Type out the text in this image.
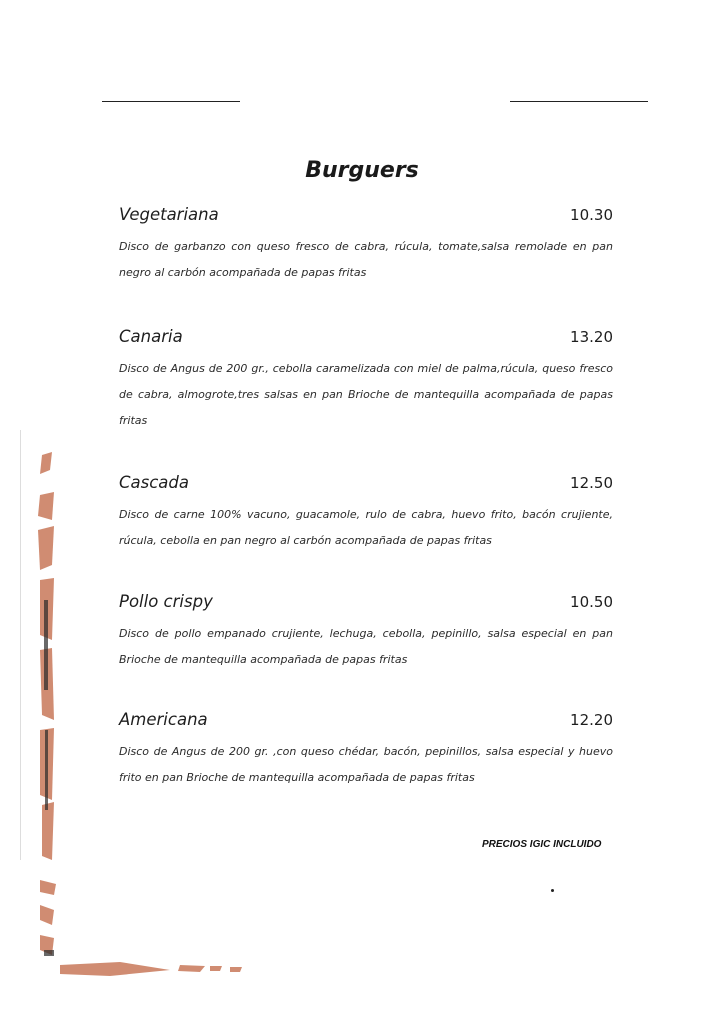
Burguers
Vegetariana	10.30

Disco de garbanzo con queso fresco de cabra, rúcula, tomate,salsa remolade en pan negro al carbón acompañada de papas fritas

Canaria	13.20

Disco de Angus de 200 gr., cebolla caramelizada con miel de palma,rúcula, queso fresco de cabra, almogrote,tres salsas en pan Brioche de mantequilla acompañada de papas fritas

Cascada	12.50

Disco de carne 100% vacuno, guacamole, rulo de cabra, huevo frito, bacón crujiente, rúcula, cebolla en pan negro al carbón acompañada de papas fritas

Pollo crispy	10.50

Disco de pollo empanado crujiente, lechuga, cebolla, pepinillo, salsa especial en pan Brioche de mantequilla acompañada de papas fritas

Americana	12.20

Disco de Angus de 200 gr. ,con queso chédar, bacón, pepinillos, salsa especial y huevo frito en pan Brioche de mantequilla acompañada de papas fritas

PRECIOS IGIC INCLUIDO
